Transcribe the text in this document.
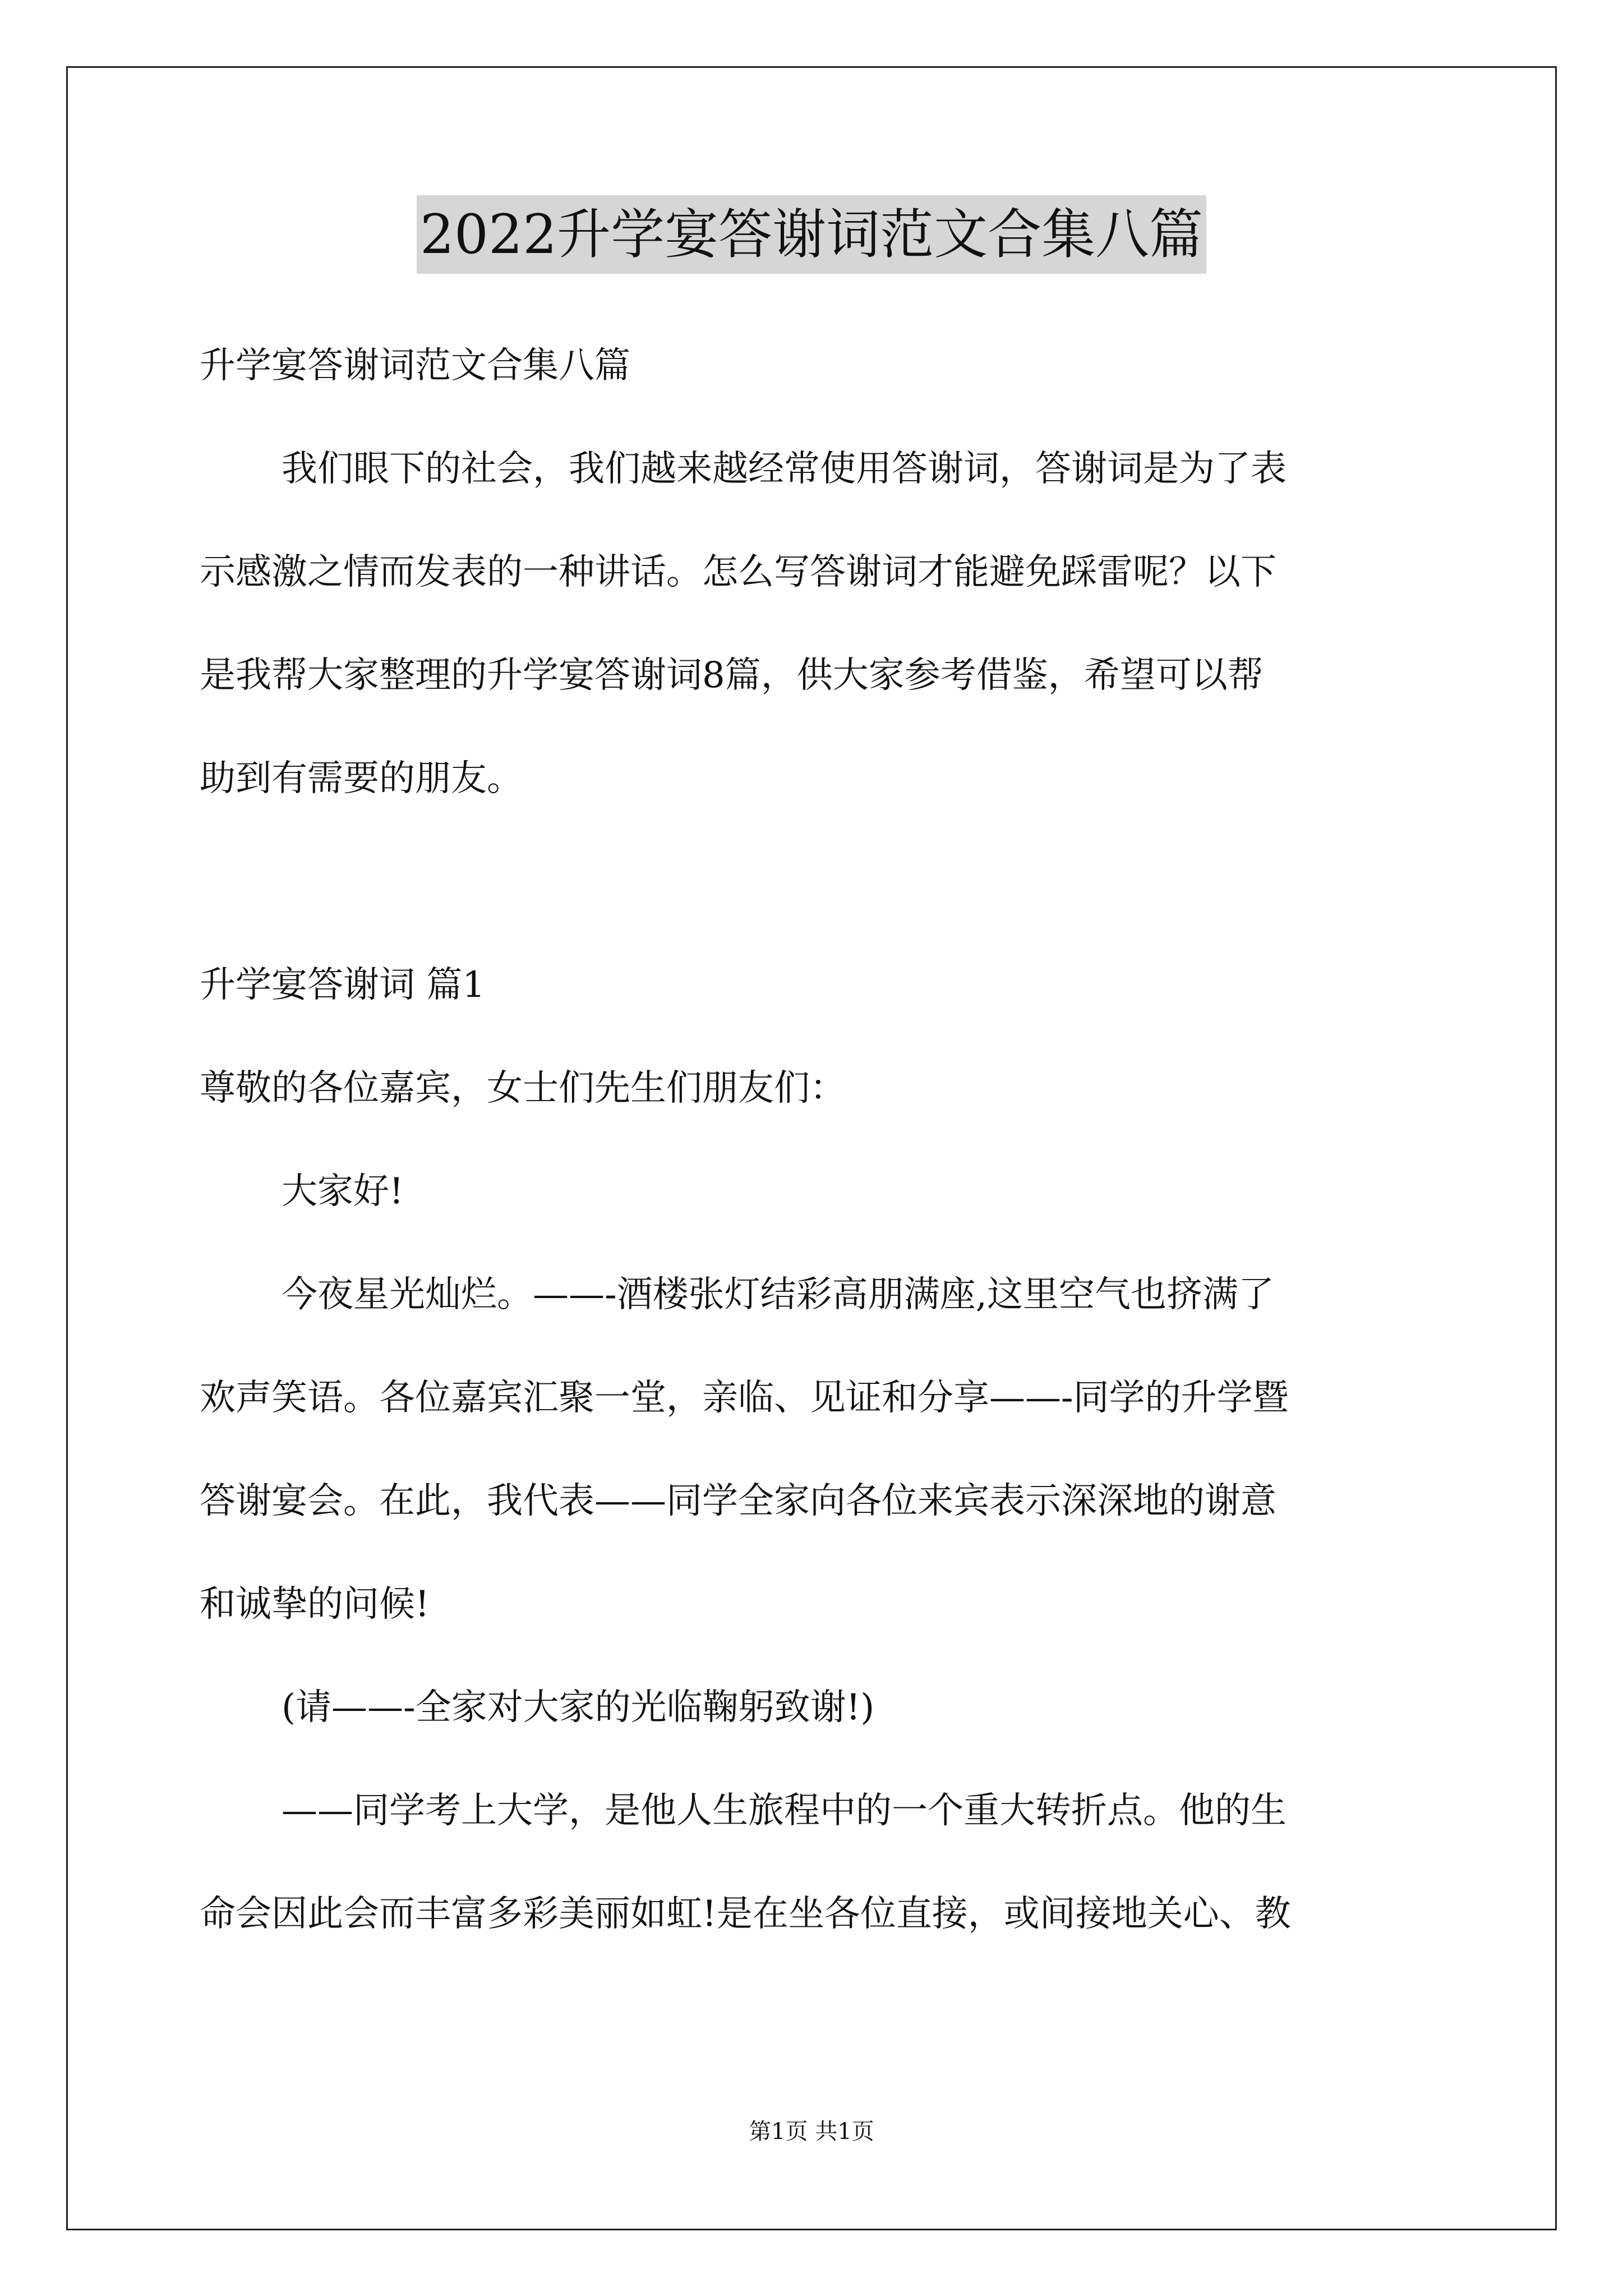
2022升学宴答谢词范文合集八篇
升学宴答谢词范文合集八篇
我们眼下的社会，我们越来越经常使用答谢词，答谢词是为了表
示感激之情而发表的一种讲话。怎么写答谢词才能避免踩雷呢？以下
是我帮大家整理的升学宴答谢词8篇，供大家参考借鉴，希望可以帮
助到有需要的朋友。
升学宴答谢词 篇1
尊敬的各位嘉宾，女士们先生们朋友们：
大家好!
今夜星光灿烂。——-酒楼张灯结彩高朋满座,这里空气也挤满了
欢声笑语。各位嘉宾汇聚一堂，亲临、见证和分享——-同学的升学暨
答谢宴会。在此，我代表——同学全家向各位来宾表示深深地的谢意
和诚挚的问候!
(请——-全家对大家的光临鞠躬致谢!)
——同学考上大学，是他人生旅程中的一个重大转折点。他的生
命会因此会而丰富多彩美丽如虹!是在坐各位直接，或间接地关心、教
第1页 共1页
